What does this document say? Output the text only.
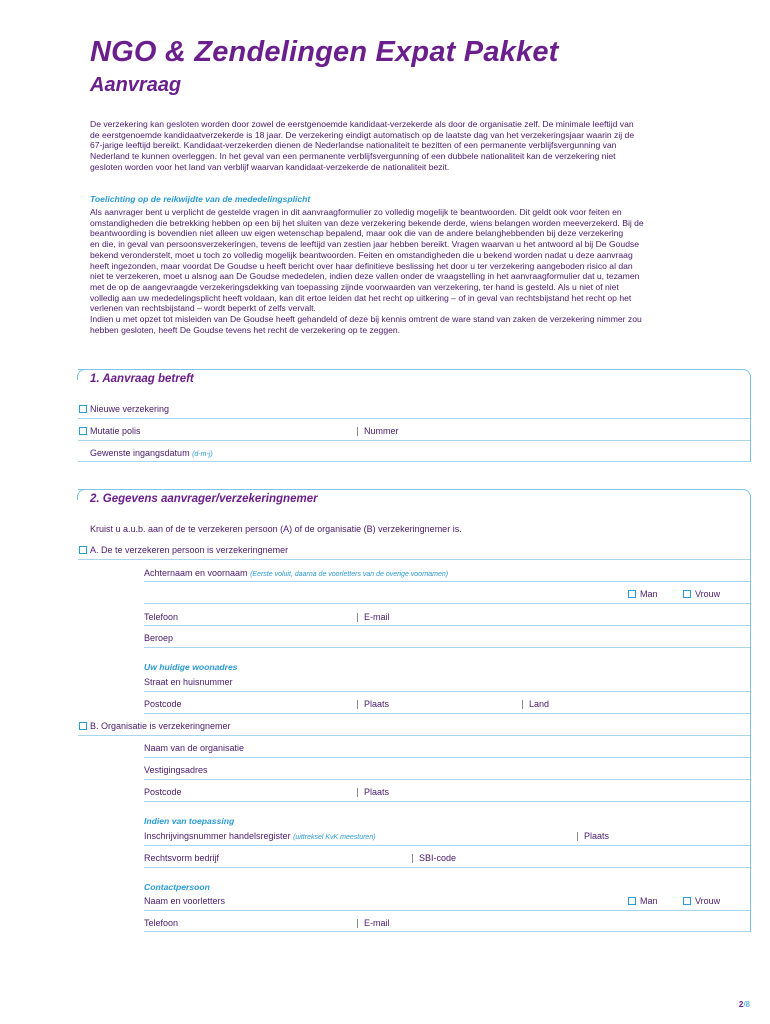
NGO & Zendelingen Expat Pakket
Aanvraag
De verzekering kan gesloten worden door zowel de eerstgenoemde kandidaat-verzekerde als door de organisatie zelf. De minimale leeftijd van
de eerstgenoemde kandidaatverzekerde is 18 jaar. De verzekering eindigt automatisch op de laatste dag van het verzekeringsjaar waarin zij de
67-jarige leeftijd bereikt. Kandidaat-verzekerden dienen de Nederlandse nationaliteit te bezitten of een permanente verblijfsvergunning van
Nederland te kunnen overleggen. In het geval van een permanente verblijfsvergunning of een dubbele nationaliteit kan de verzekering niet
gesloten worden voor het land van verblijf waarvan kandidaat-verzekerde de nationaliteit bezit.
Toelichting op de reikwijdte van de mededelingsplicht
Als aanvrager bent u verplicht de gestelde vragen in dit aanvraagformulier zo volledig mogelijk te beantwoorden. Dit geldt ook voor feiten en
omstandigheden die betrekking hebben op een bij het sluiten van deze verzekering bekende derde, wiens belangen worden meeverzekerd. Bij de
beantwoording is bovendien niet alleen uw eigen wetenschap bepalend, maar ook die van de andere belanghebbenden bij deze verzekering
en die, in geval van persoonsverzekeringen, tevens de leeftijd van zestien jaar hebben bereikt. Vragen waarvan u het antwoord al bij De Goudse
bekend veronderstelt, moet u toch zo volledig mogelijk beantwoorden. Feiten en omstandigheden die u bekend worden nadat u deze aanvraag
heeft ingezonden, maar voordat De Goudse u heeft bericht over haar definitieve beslissing het door u ter verzekering aangeboden risico al dan
niet te verzekeren, moet u alsnog aan De Goudse mededelen, indien deze vallen onder de vraagstelling in het aanvraagformulier dat u, tezamen
met de op de aangevraagde verzekeringsdekking van toepassing zijnde voorwaarden van verzekering, ter hand is gesteld. Als u niet of niet
volledig aan uw mededelingsplicht heeft voldaan, kan dit ertoe leiden dat het recht op uitkering – of in geval van rechtsbijstand het recht op het
verlenen van rechtsbijstand – wordt beperkt of zelfs vervalt.
Indien u met opzet tot misleiden van De Goudse heeft gehandeld of deze bij kennis omtrent de ware stand van zaken de verzekering nimmer zou
hebben gesloten, heeft De Goudse tevens het recht de verzekering op te zeggen.
1. Aanvraag betreft
Nieuwe verzekering
Mutatie polis	Nummer
Gewenste ingangsdatum (d-m-j)
2. Gegevens aanvrager/verzekeringnemer
Kruist u a.u.b. aan of de te verzekeren persoon (A) of de organisatie (B) verzekeringnemer is.
A. De te verzekeren persoon is verzekeringnemer
Achternaam en voornaam (Eerste voluit, daarna de voorletters van de overige voornamen)
Man	Vrouw
Telefoon	E-mail
Beroep
Uw huidige woonadres
Straat en huisnummer
Postcode	Plaats	Land
B. Organisatie is verzekeringnemer
Naam van de organisatie
Vestigingsadres
Postcode	Plaats
Indien van toepassing
Inschrijvingsnummer handelsregister (uittreksel KvK meesturen)	Plaats
Rechtsvorm bedrijf	SBI-code
Contactpersoon
Naam en voorletters	Man	Vrouw
Telefoon	E-mail
2/8
